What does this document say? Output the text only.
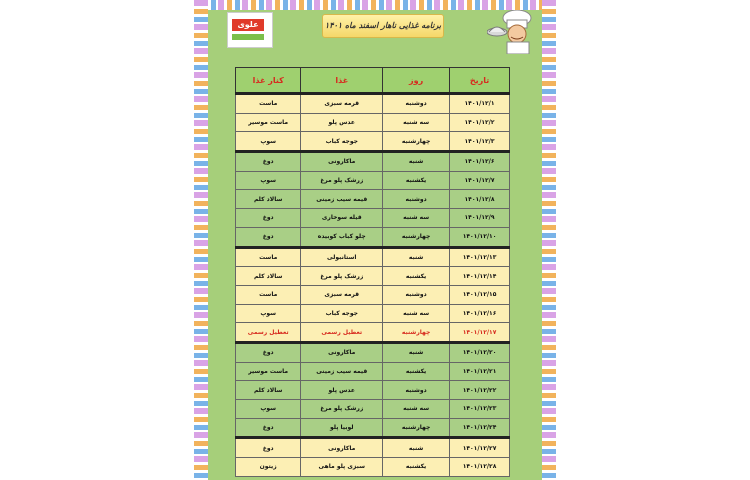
علوی	برنامه غذایی ناهار اسفند ماه ۱۴۰۱
تاریخ	روز	غذا	کنار غذا
۱۴۰۱/۱۲/۱	دوشنبه	قرمه سبزی	ماست
۱۴۰۱/۱۲/۲	سه شنبه	عدس پلو	ماست موسیر
۱۴۰۱/۱۲/۳	چهارشنبه	جوجه کباب	سوپ
۱۴۰۱/۱۲/۶	شنبه	ماکارونی	دوغ
۱۴۰۱/۱۲/۷	یکشنبه	زرشک پلو مرغ	سوپ
۱۴۰۱/۱۲/۸	دوشنبه	قیمه سیب زمینی	سالاد کلم
۱۴۰۱/۱۲/۹	سه شنبه	قیله سوخاری	دوغ
۱۴۰۱/۱۲/۱۰	چهارشنبه	چلو کباب کوبیده	دوغ
۱۴۰۱/۱۲/۱۳	شنبه	استانبولی	ماست
۱۴۰۱/۱۲/۱۴	یکشنبه	زرشک پلو مرغ	سالاد کلم
۱۴۰۱/۱۲/۱۵	دوشنبه	قرمه سبزی	ماست
۱۴۰۱/۱۲/۱۶	سه شنبه	جوجه کباب	سوپ
۱۴۰۱/۱۲/۱۷	چهارشنبه	تعطیل رسمی	تعطیل رسمی
۱۴۰۱/۱۲/۲۰	شنبه	ماکارونی	دوغ
۱۴۰۱/۱۲/۲۱	یکشنبه	قیمه سیب زمینی	ماست موسیر
۱۴۰۱/۱۲/۲۲	دوشنبه	عدس پلو	سالاد کلم
۱۴۰۱/۱۲/۲۳	سه شنبه	زرشک پلو مرغ	سوپ
۱۴۰۱/۱۲/۲۴	چهارشنبه	لوبیا پلو	دوغ
۱۴۰۱/۱۲/۲۷	شنبه	ماکارونی	دوغ
۱۴۰۱/۱۲/۲۸	یکشنبه	سبزی پلو ماهی	زیتون
